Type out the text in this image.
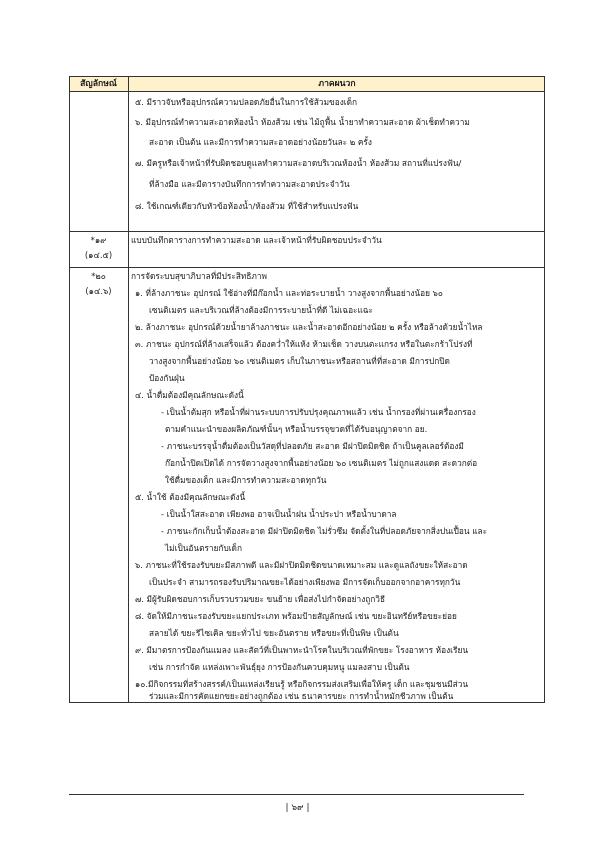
สัญลักษณ์	ภาคผนวก
๕. มีราวจับหรืออุปกรณ์ความปลอดภัยอื่นในการใช้ส้วมของเด็ก
๖. มีอุปกรณ์ทำความสะอาดห้องน้ำ ห้องส้วม เช่น ไม้ถูพื้น น้ำยาทำความสะอาด ผ้าเช็ดทำความ
สะอาด เป็นต้น และมีการทำความสะอาดอย่างน้อยวันละ ๒ ครั้ง
๗. มีครูหรือเจ้าหน้าที่รับผิดชอบดูแลทำความสะอาดบริเวณห้องน้ำ ห้องส้วม สถานที่แปรงฟัน/
ที่ล้างมือ และมีตารางบันทึกการทำความสะอาดประจำวัน
๘. ใช้เกณฑ์เดียวกับหัวข้อห้องน้ำ/ห้องส้วม ที่ใช้สำหรับแปรงฟัน
*๑๙
(๑๔.๕)
แบบบันทึกตารางการทำความสะอาด และเจ้าหน้าที่รับผิดชอบประจำวัน
*๒๐
(๑๔.๖)
การจัดระบบสุขาภิบาลที่มีประสิทธิภาพ
๑. ที่ล้างภาชนะ อุปกรณ์ ใช้อ่างที่มีก๊อกน้ำ และท่อระบายน้ำ วางสูงจากพื้นอย่างน้อย ๖๐
เซนติเมตร และบริเวณที่ล้างต้องมีการระบายน้ำที่ดี ไม่เฉอะแฉะ
๒. ล้างภาชนะ อุปกรณ์ด้วยน้ำยาล้างภาชนะ และน้ำสะอาดอีกอย่างน้อย ๒ ครั้ง หรือล้างด้วยน้ำไหล
๓. ภาชนะ อุปกรณ์ที่ล้างเสร็จแล้ว ต้องคว่ำให้แห้ง ห้ามเช็ด วางบนตะแกรง หรือในตะกร้าโปร่งที่
วางสูงจากพื้นอย่างน้อย ๖๐ เซนติเมตร เก็บในภาชนะหรือสถานที่ที่สะอาด มีการปกปิด
ป้องกันฝุ่น
๔. น้ำดื่มต้องมีคุณลักษณะดังนี้
- เป็นน้ำต้มสุก หรือน้ำที่ผ่านระบบการปรับปรุงคุณภาพแล้ว เช่น น้ำกรองที่ผ่านเครื่องกรอง
ตามคำแนะนำของผลิตภัณฑ์นั้นๆ หรือน้ำบรรจุขวดที่ได้รับอนุญาตจาก อย.
- ภาชนะบรรจุน้ำดื่มต้องเป็นวัสดุที่ปลอดภัย สะอาด มีฝาปิดมิดชิด ถ้าเป็นคูลเลอร์ต้องมี
ก๊อกน้ำปิดเปิดได้ การจัดวางสูงจากพื้นอย่างน้อย ๖๐ เซนติเมตร ไม่ถูกแสงแดด สะดวกต่อ
ใช้ดื่มของเด็ก และมีการทำความสะอาดทุกวัน
๕. น้ำใช้ ต้องมีคุณลักษณะดังนี้
- เป็นน้ำใสสะอาด เพียงพอ อาจเป็นน้ำฝน น้ำประปา หรือน้ำบาดาล
- ภาชนะกักเก็บน้ำต้องสะอาด มีฝาปิดมิดชิด ไม่รั่วซึม จัดตั้งในที่ปลอดภัยจากสิ่งปนเปื้อน และ
ไม่เป็นอันตรายกับเด็ก
๖. ภาชนะที่ใช้รองรับขยะมีสภาพดี และมีฝาปิดมิดชิดขนาดเหมาะสม และดูแลถังขยะให้สะอาด
เป็นประจำ สามารถรองรับปริมาณขยะได้อย่างเพียงพอ มีการจัดเก็บออกจากอาคารทุกวัน
๗. มีผู้รับผิดชอบการเก็บรวบรวมขยะ ขนย้าย เพื่อส่งไปกำจัดอย่างถูกวิธี
๘. จัดให้มีภาชนะรองรับขยะแยกประเภท พร้อมป้ายสัญลักษณ์ เช่น ขยะอินทรีย์หรือขยะย่อย
สลายได้ ขยะรีไซเคิล ขยะทั่วไป ขยะอันตราย หรือขยะที่เป็นพิษ เป็นต้น
๙. มีมาตรการป้องกันแมลง และสัตว์ที่เป็นพาหะนำโรคในบริเวณที่พักขยะ โรงอาหาร ห้องเรียน
เช่น การกำจัด แหล่งเพาะพันธุ์ยุง การป้องกันควบคุมหนู แมลงสาบ เป็นต้น
๑๐.มีกิจกรรมที่สร้างสรรค์/เป็นแหล่งเรียนรู้ หรือกิจกรรมส่งเสริมเพื่อให้ครู เด็ก และชุมชนมีส่วน
ร่วมและมีการคัดแยกขยะอย่างถูกต้อง เช่น ธนาคารขยะ การทำน้ำหมักชีวภาพ เป็นต้น
| ๖๙ |
